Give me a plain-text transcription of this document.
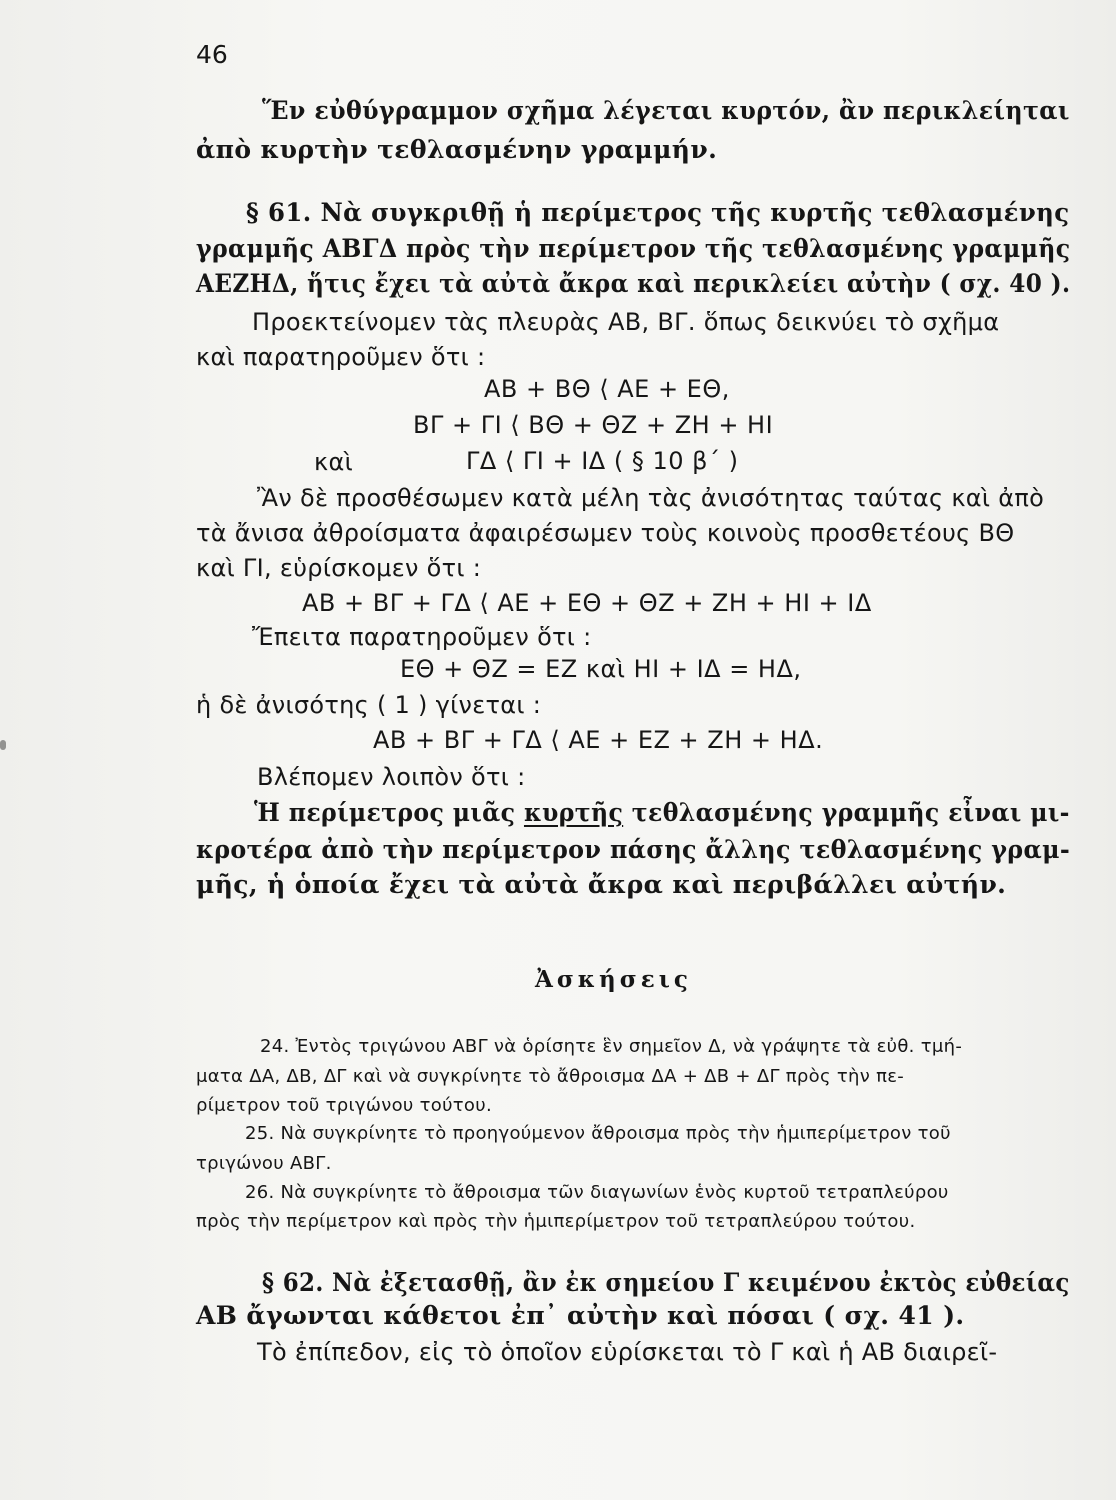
46
Ἕν εὐθύγραμμον σχῆμα λέγεται κυρτόν, ἂν περικλείηται
ἀπὸ κυρτὴν τεθλασμένην γραμμήν.
§ 61. Νὰ συγκριθῇ ἡ περίμετρος τῆς κυρτῆς τεθλασμένης
γραμμῆς ΑΒΓΔ πρὸς τὴν περίμετρον τῆς τεθλασμένης γραμμῆς
ΑΕΖΗΔ, ἥτις ἔχει τὰ αὐτὰ ἄκρα καὶ περικλείει αὐτὴν ( σχ. 40 ).
Προεκτείνομεν τὰς πλευρὰς ΑΒ, ΒΓ. ὅπως δεικνύει τὸ σχῆμα
καὶ παρατηροῦμεν ὅτι :
ΑΒ + ΒΘ ⟨ ΑΕ + ΕΘ,
ΒΓ + ΓΙ ⟨ ΒΘ + ΘΖ + ΖΗ + ΗΙ
καὶ	ΓΔ ⟨ ΓΙ + ΙΔ ( § 10 β΄ )
Ἂν δὲ προσθέσωμεν κατὰ μέλη τὰς ἀνισότητας ταύτας καὶ ἀπὸ
τὰ ἄνισα ἀθροίσματα ἀφαιρέσωμεν τοὺς κοινοὺς προσθετέους ΒΘ
καὶ ΓΙ, εὑρίσκομεν ὅτι :
ΑΒ + ΒΓ + ΓΔ ⟨ ΑΕ + ΕΘ + ΘΖ + ΖΗ + ΗΙ + ΙΔ
Ἔπειτα παρατηροῦμεν ὅτι :
ΕΘ + ΘΖ = ΕΖ καὶ ΗΙ + ΙΔ = ΗΔ,
ἡ δὲ ἀνισότης ( 1 ) γίνεται :
ΑΒ + ΒΓ + ΓΔ ⟨ ΑΕ + ΕΖ + ΖΗ + ΗΔ.
Βλέπομεν λοιπὸν ὅτι :
Ἡ περίμετρος μιᾶς κυρτῆς τεθλασμένης γραμμῆς εἶναι μι-
κροτέρα ἀπὸ τὴν περίμετρον πάσης ἄλλης τεθλασμένης γραμ-
μῆς, ἡ ὁποία ἔχει τὰ αὐτὰ ἄκρα καὶ περιβάλλει αὐτήν.
Ἀσκήσεις
24. Ἐντὸς τριγώνου ΑΒΓ νὰ ὁρίσητε ἓν σημεῖον Δ, νὰ γράψητε τὰ εὐθ. τμή-
ματα ΔΑ, ΔΒ, ΔΓ καὶ νὰ συγκρίνητε τὸ ἄθροισμα ΔΑ + ΔΒ + ΔΓ πρὸς τὴν πε-
ρίμετρον τοῦ τριγώνου τούτου.
25. Νὰ συγκρίνητε τὸ προηγούμενον ἄθροισμα πρὸς τὴν ἡμιπερίμετρον τοῦ
τριγώνου ΑΒΓ.
26. Νὰ συγκρίνητε τὸ ἄθροισμα τῶν διαγωνίων ἑνὸς κυρτοῦ τετραπλεύρου
πρὸς τὴν περίμετρον καὶ πρὸς τὴν ἡμιπερίμετρον τοῦ τετραπλεύρου τούτου.
§ 62. Νὰ ἐξετασθῇ, ἂν ἐκ σημείου Γ κειμένου ἐκτὸς εὐθείας
ΑΒ ἄγωνται κάθετοι ἐπ᾽ αὐτὴν καὶ πόσαι ( σχ. 41 ).
Τὸ ἐπίπεδον, εἰς τὸ ὁποῖον εὑρίσκεται τὸ Γ καὶ ἡ ΑΒ διαιρεῖ-
